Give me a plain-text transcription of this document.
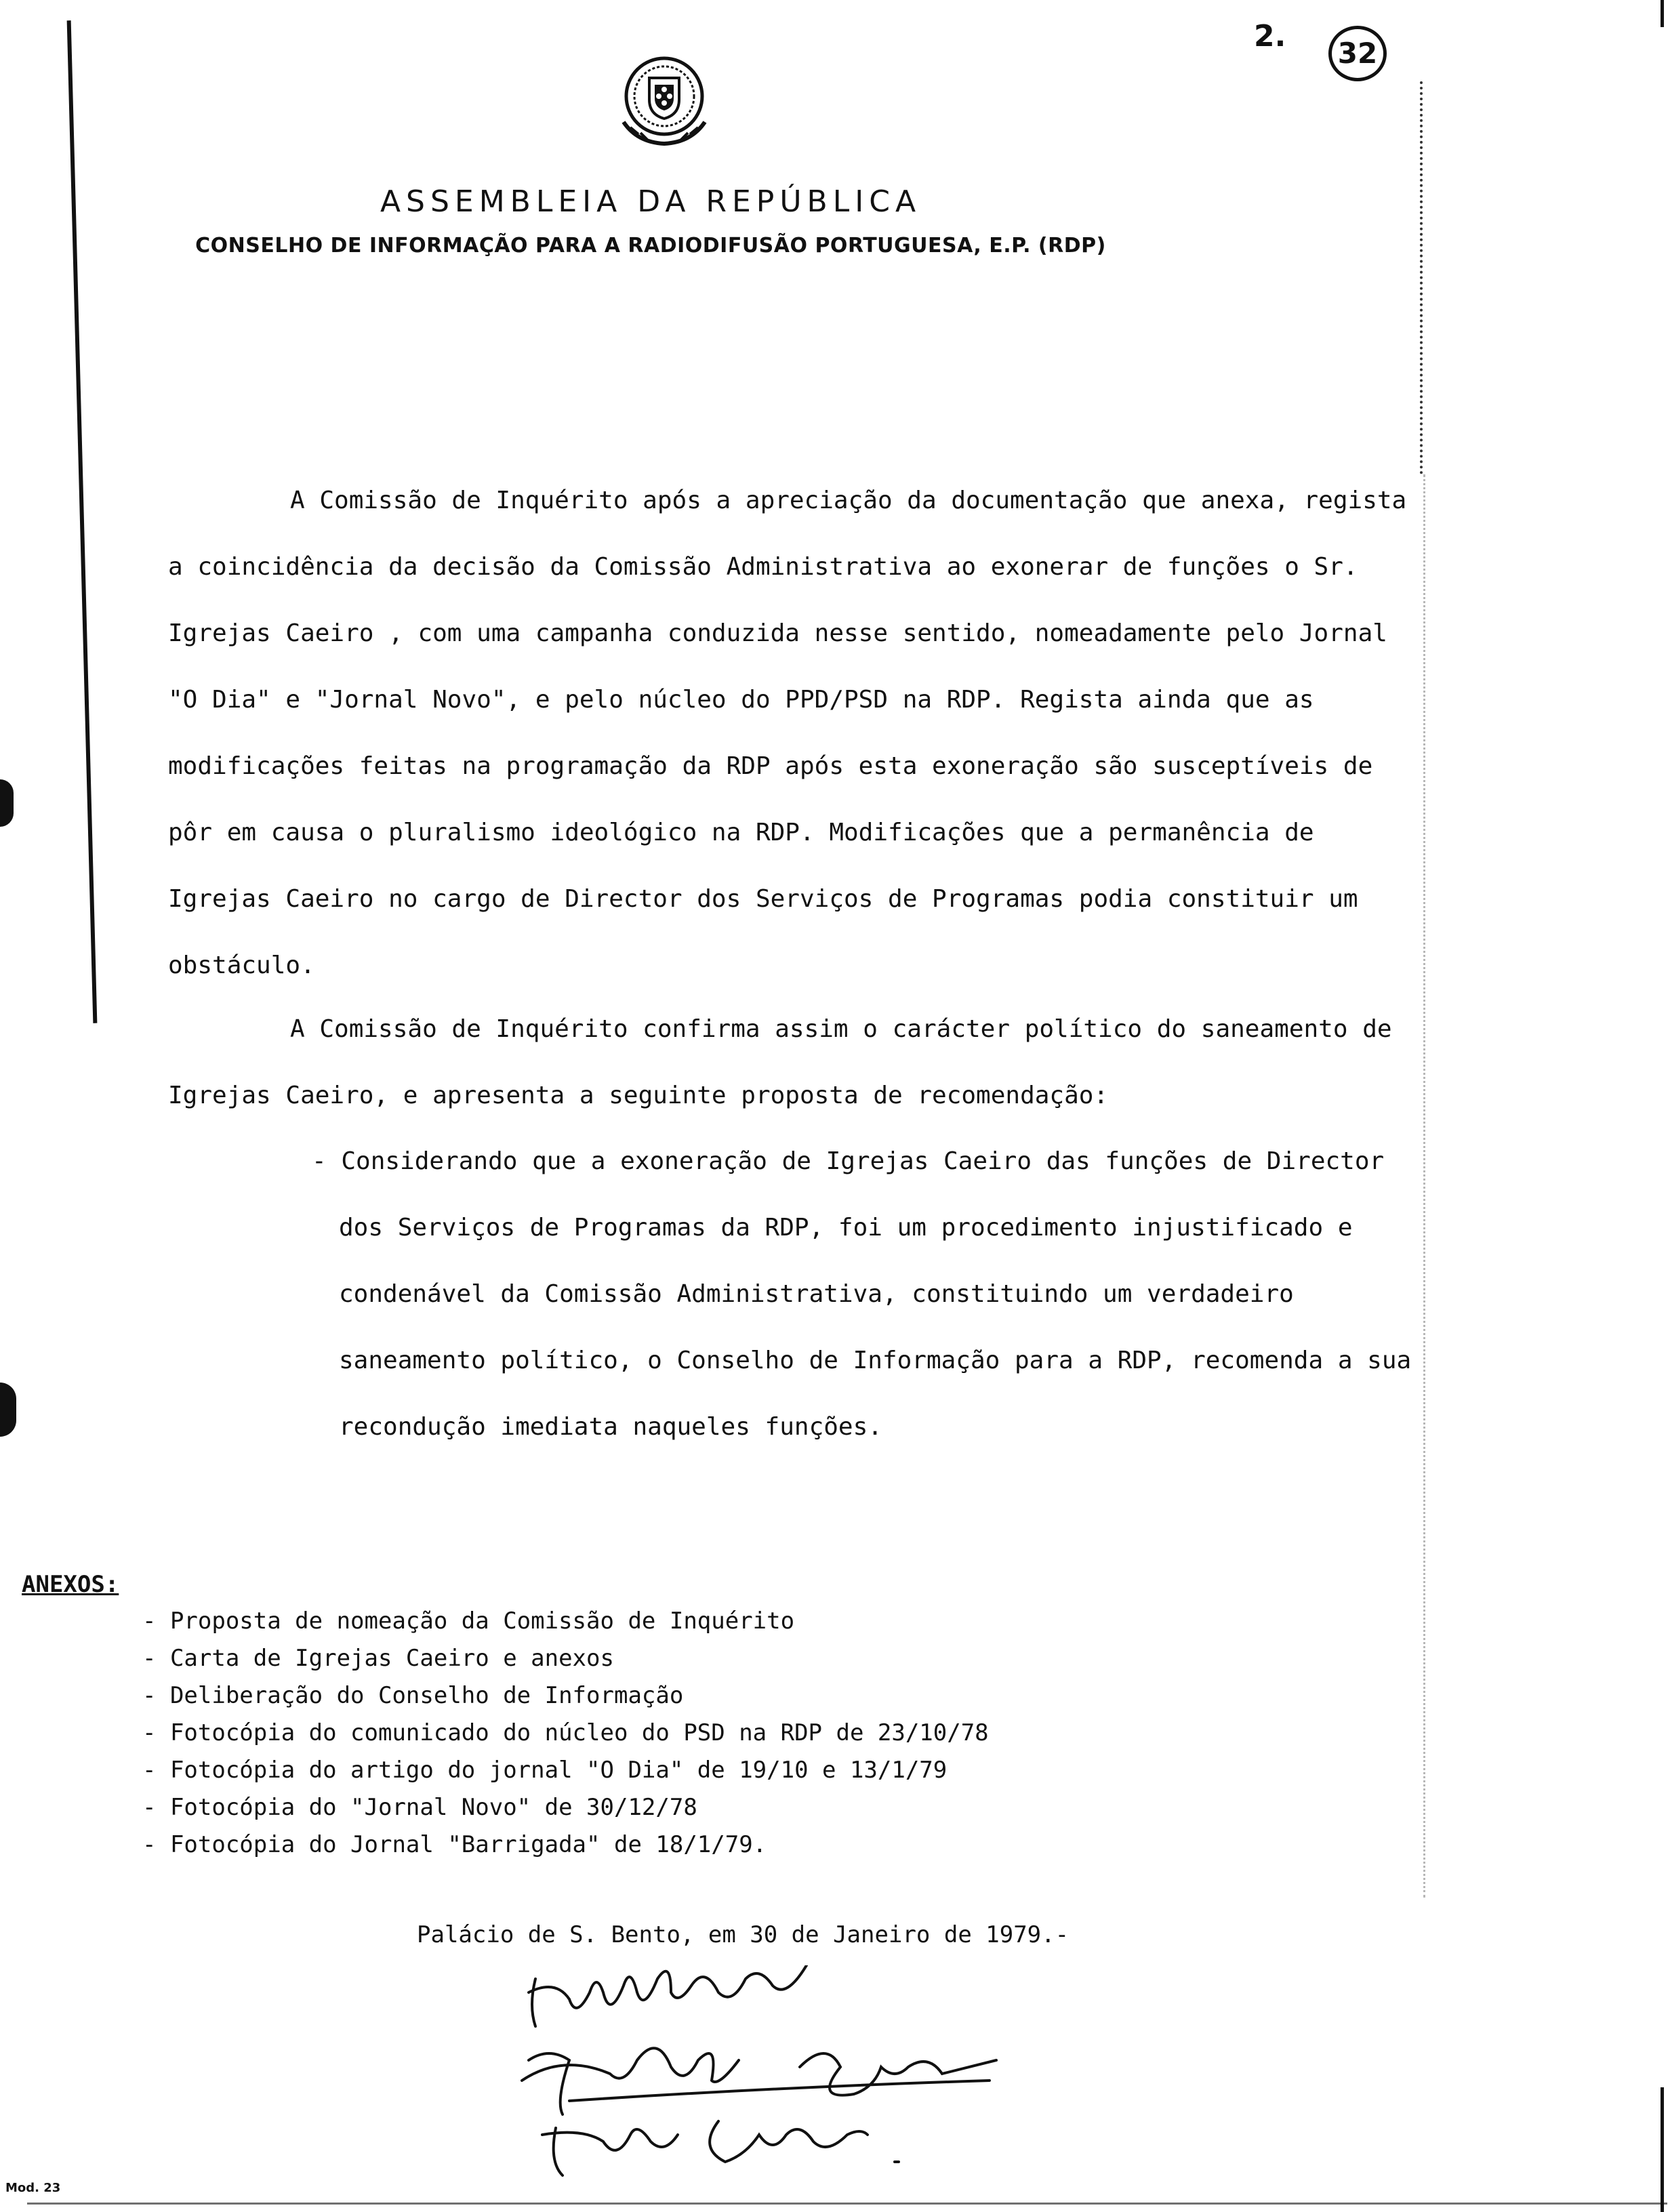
2.	32
ASSEMBLEIA DA REPÚBLICA
CONSELHO DE INFORMAÇÃO PARA A RADIODIFUSÃO PORTUGUESA, E.P. (RDP)
A Comissão de Inquérito após a apreciação da documentação que anexa, regista a coincidência da decisão da Comissão Administrativa ao exonerar de funções o Sr. Igrejas Caeiro , com uma campanha conduzida nesse sentido, nomeadamente pelo Jornal "O Dia" e "Jornal Novo", e pelo núcleo do PPD/PSD na RDP. Regista ainda que as modificações feitas na programação da RDP após esta exoneração são susceptíveis de pôr em causa o pluralismo ideológico na RDP. Modificações que a permanência de Igrejas Caeiro no cargo de Director dos Serviços de Programas podia constituir um obstáculo.
A Comissão de Inquérito confirma assim o carácter político do saneamento de Igrejas Caeiro, e apresenta a seguinte proposta de recomendação:
- Considerando que a exoneração de Igrejas Caeiro das funções de Director dos Serviços de Programas da RDP, foi um procedimento injustificado e condenável da Comissão Administrativa, constituindo um verdadeiro saneamento político, o Conselho de Informação para a RDP, recomenda a sua recondução imediata naqueles funções.
ANEXOS:
- Proposta de nomeação da Comissão de Inquérito
- Carta de Igrejas Caeiro e anexos
- Deliberação do Conselho de Informação
- Fotocópia do comunicado do núcleo do PSD na RDP de 23/10/78
- Fotocópia do artigo do jornal "O Dia" de 19/10 e 13/1/79
- Fotocópia do "Jornal Novo" de 30/12/78
- Fotocópia do Jornal "Barrigada" de 18/1/79.
Palácio de S. Bento, em 30 de Janeiro de 1979.-
Mod. 23
